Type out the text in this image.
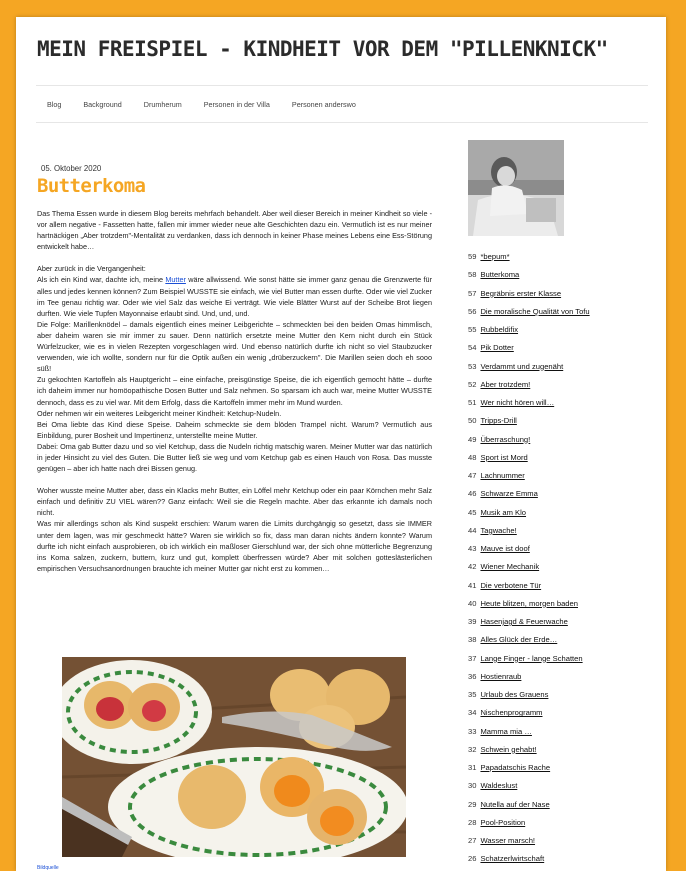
MEIN FREISPIEL - KINDHEIT VOR DEM "PILLENKNICK"
Blog	Background	Drumherum	Personen in der Villa	Personen anderswo
05. Oktober 2020
Butterkoma

Das Thema Essen wurde in diesem Blog bereits mehrfach behandelt. Aber weil dieser Bereich in meiner Kindheit so viele - vor allem negative - Fassetten hatte, fallen mir immer wieder neue alte Geschichten dazu ein. Vermutlich ist es nur meiner hartnäckigen „Aber trotzdem"-Mentalität zu verdanken, dass ich dennoch in keiner Phase meines Lebens eine Ess-Störung entwickelt habe…

Aber zurück in die Vergangenheit:

Als ich ein Kind war, dachte ich, meine Mutter wäre allwissend. Wie sonst hätte sie immer ganz genau die Grenzwerte für alles und jedes kennen können? Zum Beispiel WUSSTE sie einfach, wie viel Butter man essen durfte. Oder wie viel Zucker im Tee genau richtig war. Oder wie viel Salz das weiche Ei verträgt. Wie viele Blätter Wurst auf der Scheibe Brot liegen durften. Wie viele Tupfen Mayonnaise erlaubt sind. Und, und, und.

Die Folge: Marillenknödel – damals eigentlich eines meiner Leibgerichte – schmeckten bei den beiden Omas himmlisch, aber daheim waren sie mir immer zu sauer. Denn natürlich ersetzte meine Mutter den Kern nicht durch ein Stück Würfelzucker, wie es in vielen Rezepten vorgeschlagen wird. Und ebenso natürlich durfte ich nicht so viel Staubzucker verwenden, wie ich wollte, sondern nur für die Optik außen ein wenig „drüberzuckern". Die Marillen seien doch eh sooo süß!

Zu gekochten Kartoffeln als Hauptgericht – eine einfache, preisgünstige Speise, die ich eigentlich gemocht hätte – durfte ich daheim immer nur homöopathische Dosen Butter und Salz nehmen. So sparsam ich auch war, meine Mutter WUSSTE dennoch, dass es zu viel war. Mit dem Erfolg, dass die Kartoffeln immer mehr im Mund wurden.

Oder nehmen wir ein weiteres Leibgericht meiner Kindheit: Ketchup-Nudeln.

Bei Oma liebte das Kind diese Speise. Daheim schmeckte sie dem blöden Trampel nicht. Warum? Vermutlich aus Einbildung, purer Bosheit und Impertinenz, unterstellte meine Mutter.

Dabei: Oma gab Butter dazu und so viel Ketchup, dass die Nudeln richtig matschig waren. Meiner Mutter war das natürlich in jeder Hinsicht zu viel des Guten. Die Butter ließ sie weg und vom Ketchup gab es einen Hauch von Rosa. Das musste genügen – aber ich hatte nach drei Bissen genug.

Woher wusste meine Mutter aber, dass ein Klacks mehr Butter, ein Löffel mehr Ketchup oder ein paar Körnchen mehr Salz einfach und definitiv ZU VIEL wären?? Ganz einfach: Weil sie die Regeln machte. Aber das erkannte ich damals noch nicht.

Was mir allerdings schon als Kind suspekt erschien: Warum waren die Limits durchgängig so gesetzt, dass sie IMMER unter dem lagen, was mir geschmeckt hätte? Waren sie wirklich so fix, dass man daran nichts ändern konnte? Warum durfte ich nicht einfach ausprobieren, ob ich wirklich ein maßloser Gierschlund war, der sich ohne mütterliche Begrenzung ins Koma salzen, zuckern, buttern, kurz und gut, komplett überfressen würde? Aber mit solchen gotteslästerlichen empirischen Versuchsanordnungen brauchte ich meiner Mutter gar nicht erst zu kommen…

Bildquelle
59 *bepum*
58 Butterkoma
57 Begräbnis erster Klasse
56 Die moralische Qualität von Tofu
55 Rubbeldifix
54 Pik Dotter
53 Verdammt und zugenäht
52 Aber trotzdem!
51 Wer nicht hören will…
50 Tripps-Drill
49 Überraschung!
48 Sport ist Mord
47 Lachnummer
46 Schwarze Emma
45 Musik am Klo
44 Tagwache!
43 Mauve ist doof
42 Wiener Mechanik
41 Die verbotene Tür
40 Heute blitzen, morgen baden
39 Hasenjagd & Feuerwache
38 Alles Glück der Erde…
37 Lange Finger - lange Schatten
36 Hostienraub
35 Urlaub des Grauens
34 Nischenprogramm
33 Mamma mia …
32 Schwein gehabt!
31 Papadatschis Rache
30 Waldeslust
29 Nutella auf der Nase
28 Pool-Position
27 Wasser marsch!
26 Schatzerlwirtschaft
